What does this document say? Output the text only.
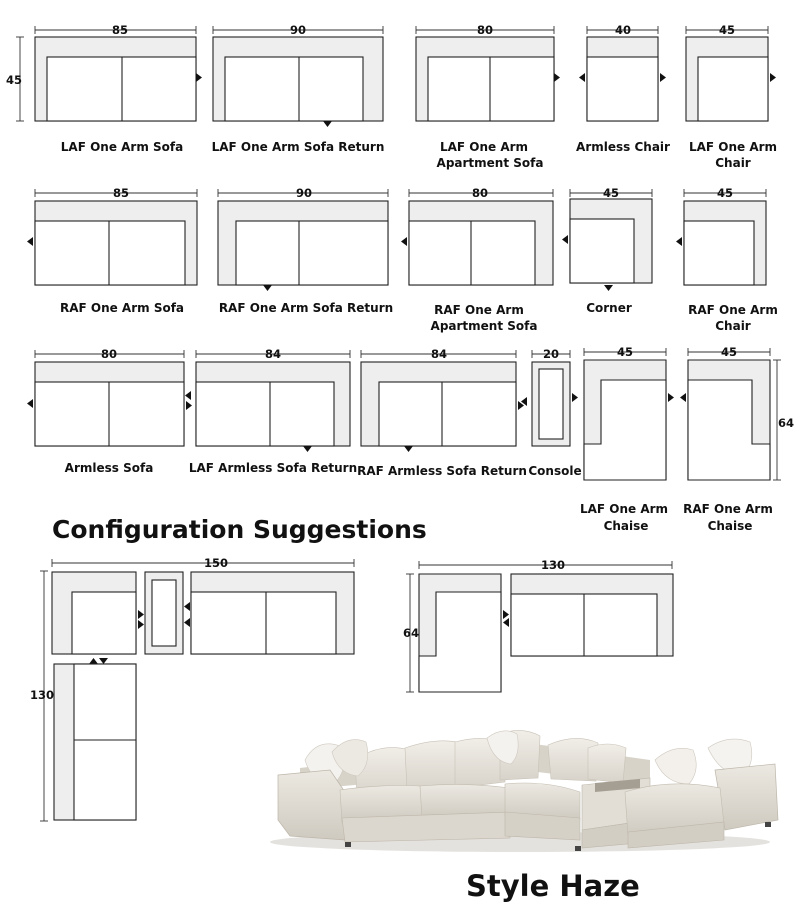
85
45
LAF One Arm Sofa
90
LAF One Arm Sofa Return
80
LAF One Arm Apartment Sofa
40
Armless Chair
45
LAF One Arm Chair
85
RAF One Arm Sofa
90
RAF One Arm Sofa Return
80
RAF One Arm Apartment Sofa
45
Corner
45
RAF One Arm Chair
80
Armless Sofa
84
LAF Armless Sofa Return
84
RAF Armless Sofa Return
20
Console
45
LAF One Arm Chaise
45
64
RAF One Arm Chaise
Configuration Suggestions
150
130
130
64
Style Haze
